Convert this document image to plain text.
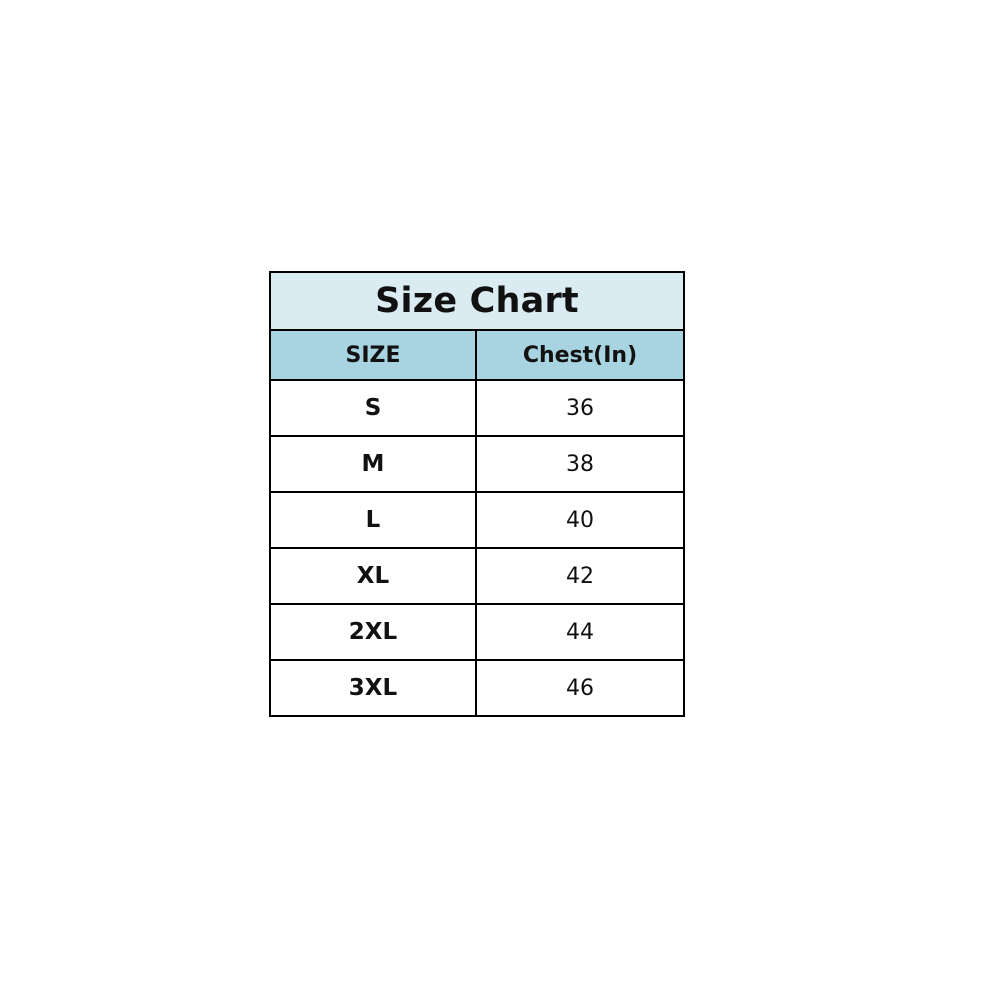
Size Chart	
SIZE	Chest(In)
S	36
M	38
L	40
XL	42
2XL	44
3XL	46
